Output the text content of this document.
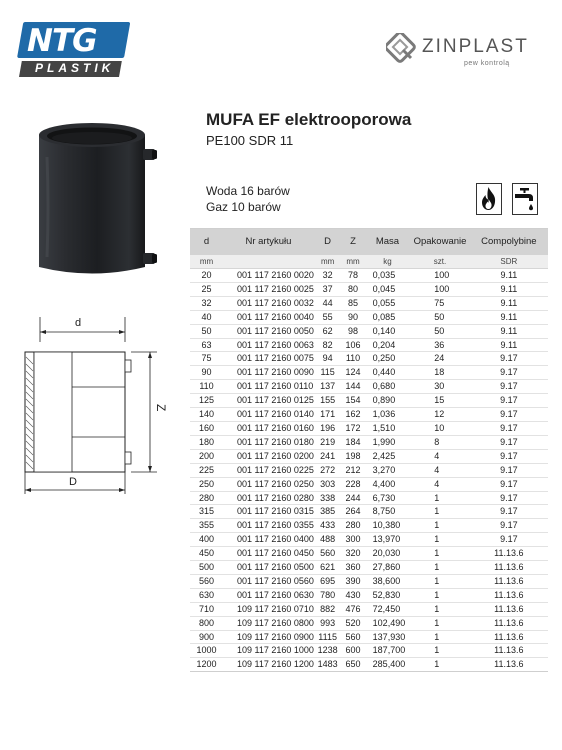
NTG
PLASTIK
ZINPLAST
pew kontrolą
MUFA EF elektrooporowa
PE100 SDR 11
Woda 16 barów
Gaz 10 barów
d
Z
D
d	Nr artykułu	D	Z	Masa	Opakowanie	Compolybine
mm		mm	mm	kg	szt.	SDR
20	001 117 2160 0020	32	78	0,035	100	9.11
25	001 117 2160 0025	37	80	0,045	100	9.11
32	001 117 2160 0032	44	85	0,055	75	9.11
40	001 117 2160 0040	55	90	0,085	50	9.11
50	001 117 2160 0050	62	98	0,140	50	9.11
63	001 117 2160 0063	82	106	0,204	36	9.11
75	001 117 2160 0075	94	110	0,250	24	9.17
90	001 117 2160 0090	115	124	0,440	18	9.17
110	001 117 2160 0110	137	144	0,680	30	9.17
125	001 117 2160 0125	155	154	0,890	15	9.17
140	001 117 2160 0140	171	162	1,036	12	9.17
160	001 117 2160 0160	196	172	1,510	10	9.17
180	001 117 2160 0180	219	184	1,990	8	9.17
200	001 117 2160 0200	241	198	2,425	4	9.17
225	001 117 2160 0225	272	212	3,270	4	9.17
250	001 117 2160 0250	303	228	4,400	4	9.17
280	001 117 2160 0280	338	244	6,730	1	9.17
315	001 117 2160 0315	385	264	8,750	1	9.17
355	001 117 2160 0355	433	280	10,380	1	9.17
400	001 117 2160 0400	488	300	13,970	1	9.17
450	001 117 2160 0450	560	320	20,030	1	11.13.6
500	001 117 2160 0500	621	360	27,860	1	11.13.6
560	001 117 2160 0560	695	390	38,600	1	11.13.6
630	001 117 2160 0630	780	430	52,830	1	11.13.6
710	109 117 2160 0710	882	476	72,450	1	11.13.6
800	109 117 2160 0800	993	520	102,490	1	11.13.6
900	109 117 2160 0900	1115	560	137,930	1	11.13.6
1000	109 117 2160 1000	1238	600	187,700	1	11.13.6
1200	109 117 2160 1200	1483	650	285,400	1	11.13.6
